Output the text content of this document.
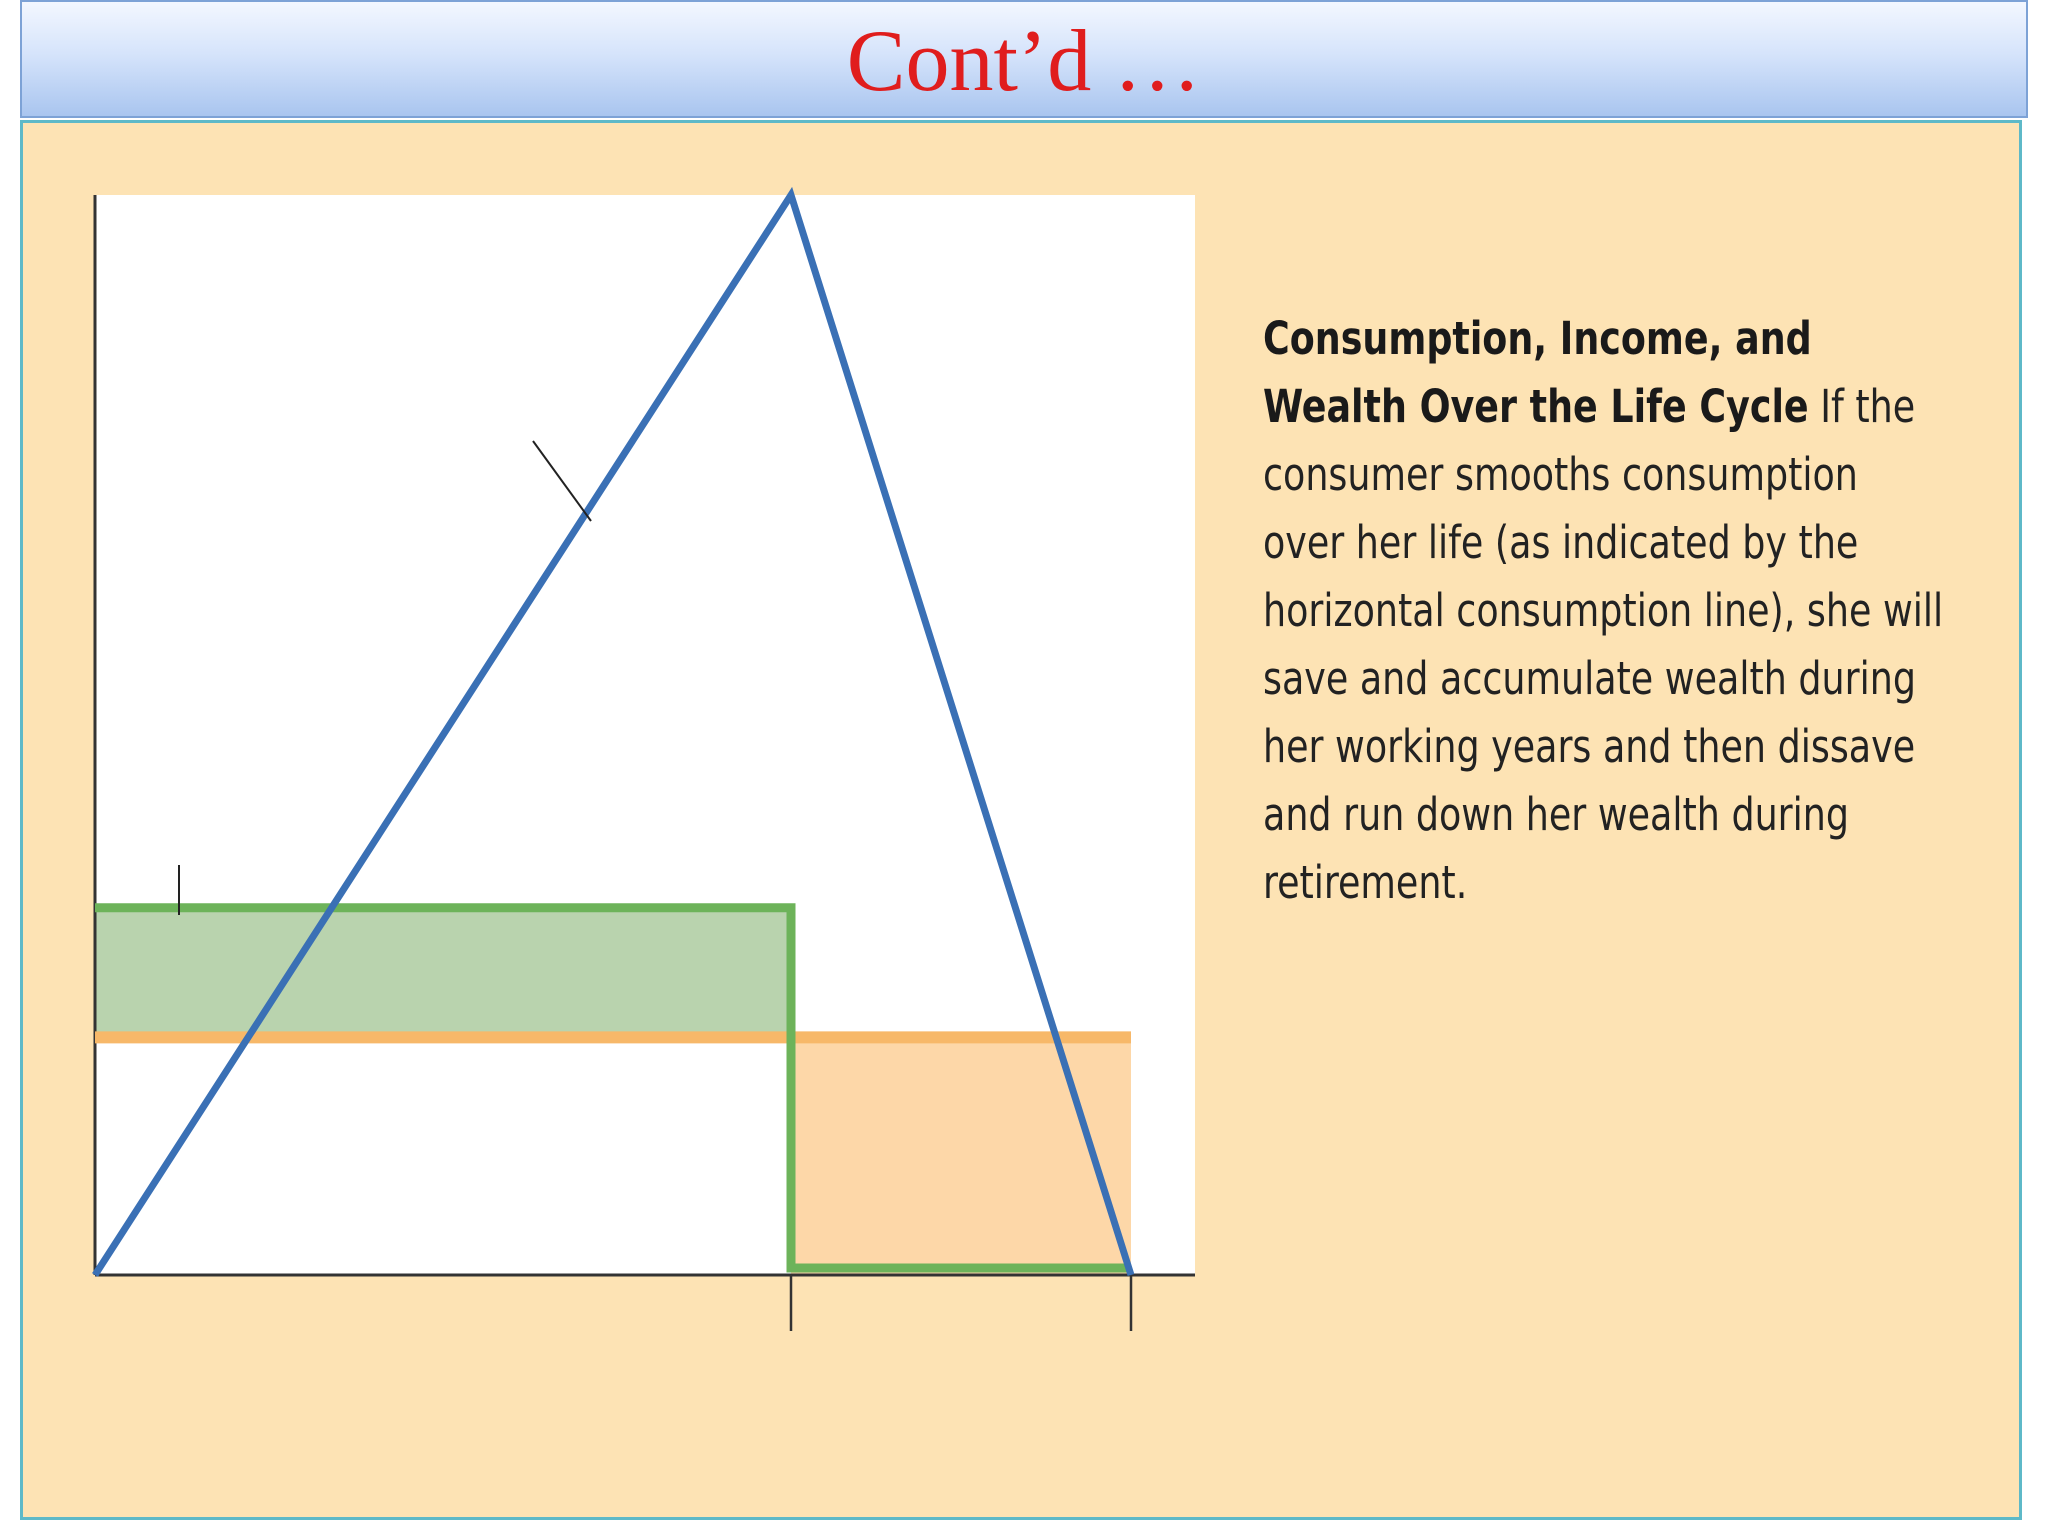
Cont’d …
Consumption, Income, and Wealth Over the Life Cycle If the consumer smooths consumption over her life (as indicated by the horizontal consumption line), she will save and accumulate wealth during her working years and then dissave and run down her wealth during retirement.
